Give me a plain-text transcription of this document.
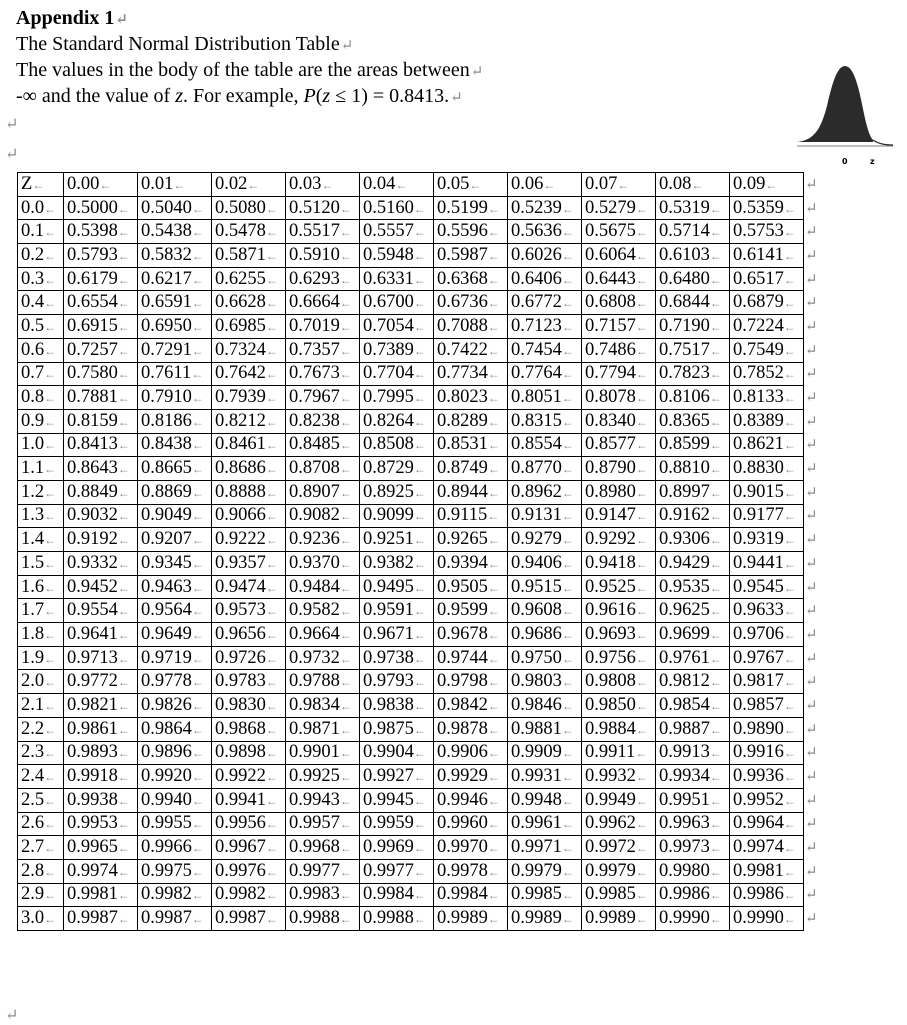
Appendix 1↵
The Standard Normal Distribution Table↵
The values in the body of the table are the areas between↵
-∞ and the value of z. For example, P(z ≤ 1) = 0.8413.↵
↵
↵
↵
0	z
Z←	0.00←	0.01←	0.02←	0.03←	0.04←	0.05←	0.06←	0.07←	0.08←	0.09←	↵
0.0←	0.5000←	0.5040←	0.5080←	0.5120←	0.5160←	0.5199←	0.5239←	0.5279←	0.5319←	0.5359←	↵
0.1←	0.5398←	0.5438←	0.5478←	0.5517←	0.5557←	0.5596←	0.5636←	0.5675←	0.5714←	0.5753←	↵
0.2←	0.5793←	0.5832←	0.5871←	0.5910←	0.5948←	0.5987←	0.6026←	0.6064←	0.6103←	0.6141←	↵
0.3←	0.6179←	0.6217←	0.6255←	0.6293←	0.6331←	0.6368←	0.6406←	0.6443←	0.6480←	0.6517←	↵
0.4←	0.6554←	0.6591←	0.6628←	0.6664←	0.6700←	0.6736←	0.6772←	0.6808←	0.6844←	0.6879←	↵
0.5←	0.6915←	0.6950←	0.6985←	0.7019←	0.7054←	0.7088←	0.7123←	0.7157←	0.7190←	0.7224←	↵
0.6←	0.7257←	0.7291←	0.7324←	0.7357←	0.7389←	0.7422←	0.7454←	0.7486←	0.7517←	0.7549←	↵
0.7←	0.7580←	0.7611←	0.7642←	0.7673←	0.7704←	0.7734←	0.7764←	0.7794←	0.7823←	0.7852←	↵
0.8←	0.7881←	0.7910←	0.7939←	0.7967←	0.7995←	0.8023←	0.8051←	0.8078←	0.8106←	0.8133←	↵
0.9←	0.8159←	0.8186←	0.8212←	0.8238←	0.8264←	0.8289←	0.8315←	0.8340←	0.8365←	0.8389←	↵
1.0←	0.8413←	0.8438←	0.8461←	0.8485←	0.8508←	0.8531←	0.8554←	0.8577←	0.8599←	0.8621←	↵
1.1←	0.8643←	0.8665←	0.8686←	0.8708←	0.8729←	0.8749←	0.8770←	0.8790←	0.8810←	0.8830←	↵
1.2←	0.8849←	0.8869←	0.8888←	0.8907←	0.8925←	0.8944←	0.8962←	0.8980←	0.8997←	0.9015←	↵
1.3←	0.9032←	0.9049←	0.9066←	0.9082←	0.9099←	0.9115←	0.9131←	0.9147←	0.9162←	0.9177←	↵
1.4←	0.9192←	0.9207←	0.9222←	0.9236←	0.9251←	0.9265←	0.9279←	0.9292←	0.9306←	0.9319←	↵
1.5←	0.9332←	0.9345←	0.9357←	0.9370←	0.9382←	0.9394←	0.9406←	0.9418←	0.9429←	0.9441←	↵
1.6←	0.9452←	0.9463←	0.9474←	0.9484←	0.9495←	0.9505←	0.9515←	0.9525←	0.9535←	0.9545←	↵
1.7←	0.9554←	0.9564←	0.9573←	0.9582←	0.9591←	0.9599←	0.9608←	0.9616←	0.9625←	0.9633←	↵
1.8←	0.9641←	0.9649←	0.9656←	0.9664←	0.9671←	0.9678←	0.9686←	0.9693←	0.9699←	0.9706←	↵
1.9←	0.9713←	0.9719←	0.9726←	0.9732←	0.9738←	0.9744←	0.9750←	0.9756←	0.9761←	0.9767←	↵
2.0←	0.9772←	0.9778←	0.9783←	0.9788←	0.9793←	0.9798←	0.9803←	0.9808←	0.9812←	0.9817←	↵
2.1←	0.9821←	0.9826←	0.9830←	0.9834←	0.9838←	0.9842←	0.9846←	0.9850←	0.9854←	0.9857←	↵
2.2←	0.9861←	0.9864←	0.9868←	0.9871←	0.9875←	0.9878←	0.9881←	0.9884←	0.9887←	0.9890←	↵
2.3←	0.9893←	0.9896←	0.9898←	0.9901←	0.9904←	0.9906←	0.9909←	0.9911←	0.9913←	0.9916←	↵
2.4←	0.9918←	0.9920←	0.9922←	0.9925←	0.9927←	0.9929←	0.9931←	0.9932←	0.9934←	0.9936←	↵
2.5←	0.9938←	0.9940←	0.9941←	0.9943←	0.9945←	0.9946←	0.9948←	0.9949←	0.9951←	0.9952←	↵
2.6←	0.9953←	0.9955←	0.9956←	0.9957←	0.9959←	0.9960←	0.9961←	0.9962←	0.9963←	0.9964←	↵
2.7←	0.9965←	0.9966←	0.9967←	0.9968←	0.9969←	0.9970←	0.9971←	0.9972←	0.9973←	0.9974←	↵
2.8←	0.9974←	0.9975←	0.9976←	0.9977←	0.9977←	0.9978←	0.9979←	0.9979←	0.9980←	0.9981←	↵
2.9←	0.9981←	0.9982←	0.9982←	0.9983←	0.9984←	0.9984←	0.9985←	0.9985←	0.9986←	0.9986←	↵
3.0←	0.9987←	0.9987←	0.9987←	0.9988←	0.9988←	0.9989←	0.9989←	0.9989←	0.9990←	0.9990←	↵
